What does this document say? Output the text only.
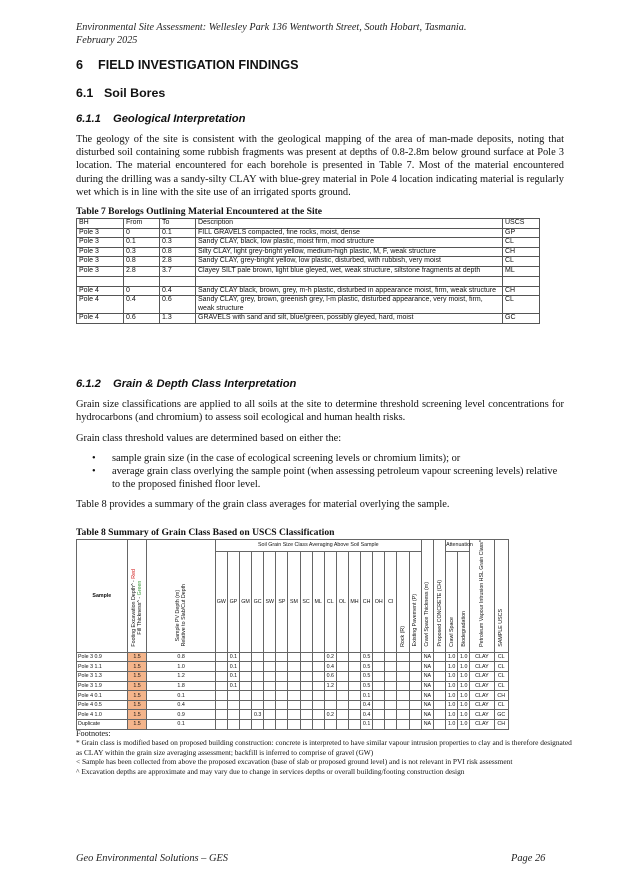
Environmental Site Assessment: Wellesley Park 136 Wentworth Street, South Hobart, Tasmania.
February 2025
6 FIELD INVESTIGATION FINDINGS
6.1 Soil Bores
6.1.1 Geological Interpretation
The geology of the site is consistent with the geological mapping of the area of man-made deposits, noting that disturbed soil containing some rubbish fragments was present at depths of 0.8-2.8m below ground surface at Pole 3 location. The material encountered for each borehole is presented in Table 7. Most of the material encountered during the drilling was a sandy-silty CLAY with blue-grey material in Pole 4 location indicating material is regularly wet which is in line with the site use of an irrigated sports ground.
Table 7 Borelogs Outlining Material Encountered at the Site
BH	From	To	Description	USCS
Pole 3	0	0.1	FILL GRAVELS compacted, fine rocks, moist, dense	GP
Pole 3	0.1	0.3	Sandy CLAY, black, low plastic, moist firm, mod structure	CL
Pole 3	0.3	0.8	Silty CLAY, light grey-bright yellow, medium-high plastic, M, F, weak structure	CH
Pole 3	0.8	2.8	Sandy CLAY, grey-bright yellow, low plastic, disturbed, with rubbish, very moist	CL
Pole 3	2.8	3.7	Clayey SILT pale brown, light blue gleyed, wet, weak structure, siltstone fragments at depth	ML

Pole 4	0	0.4	Sandy CLAY black, brown, grey, m-h plastic, disturbed in appearance moist, firm, weak structure	CH
Pole 4	0.4	0.6	Sandy CLAY, grey, brown, greenish grey, l-m plastic, disturbed appearance, very moist, firm, weak structure	CL
Pole 4	0.6	1.3	GRAVELS with sand and silt, blue/green, possibly gleyed, hard, moist	GC
6.1.2 Grain & Depth Class Interpretation
Grain size classifications are applied to all soils at the site to determine threshold screening level concentrations for hydrocarbons (and chromium) to assess soil ecological and human health risks.
Grain class threshold values are determined based on either the:
• sample grain size (in the case of ecological screening levels or chromium limits); or
• average grain class overlying the sample point (when assessing petroleum vapour screening levels) relative to the proposed finished floor level.
Table 8 provides a summary of the grain class averages for material overlying the sample.
Table 8 Summary of Grain Class Based on USCS Classification
Sample	Footing Excavation Depth^ - Red
Fill Thickness^ - Green	Sample PV Depth (m)
Relative to Slab/Cut Depth	Soil Grain Size Class Averaging Above Soil Sample																	Crawl Space Thickness (m)	Proposed CONCRETE (CH)	Attenuation		Petroleum Vapour Intrusion HSL Grain Class*	SAMPLE USCS
			GW	GP	GM	GC	SW	SP	SM	SC	ML	CL	OL	MH	CH	OH	CI	Rock (R)	Existing Pavement (P)			Crawl Space	Biodegradation		
Pole 3 0.9	1.5	0.8		0.1								0.2			0.5					NA		1.0	1.0	CLAY	CL
Pole 3 1.1	1.5	1.0		0.1								0.4			0.5					NA		1.0	1.0	CLAY	CL
Pole 3 1.3	1.5	1.2		0.1								0.6			0.5					NA		1.0	1.0	CLAY	CL
Pole 3 1.9	1.5	1.8		0.1								1.2			0.5					NA		1.0	1.0	CLAY	CL
Pole 4 0.1	1.5	0.1													0.1					NA		1.0	1.0	CLAY	CH
Pole 4 0.5	1.5	0.4													0.4					NA		1.0	1.0	CLAY	CL
Pole 4 1.0	1.5	0.9				0.3						0.2			0.4					NA		1.0	1.0	CLAY	GC
Duplicate	1.5	0.1													0.1					NA		1.0	1.0	CLAY	CH
Footnotes:
* Grain class is modified based on proposed building construction: concrete is interpreted to have similar vapour intrusion properties to clay and is therefore designated as CLAY within the grain size averaging assessment; backfill is inferred to comprise of gravel (GW)
< Sample has been collected from above the proposed excavation (base of slab or proposed ground level) and is not relevant in PVI risk assessment
^ Excavation depths are approximate and may vary due to change in services depths or overall building/footing construction design
Geo Environmental Solutions – GES	Page 26
